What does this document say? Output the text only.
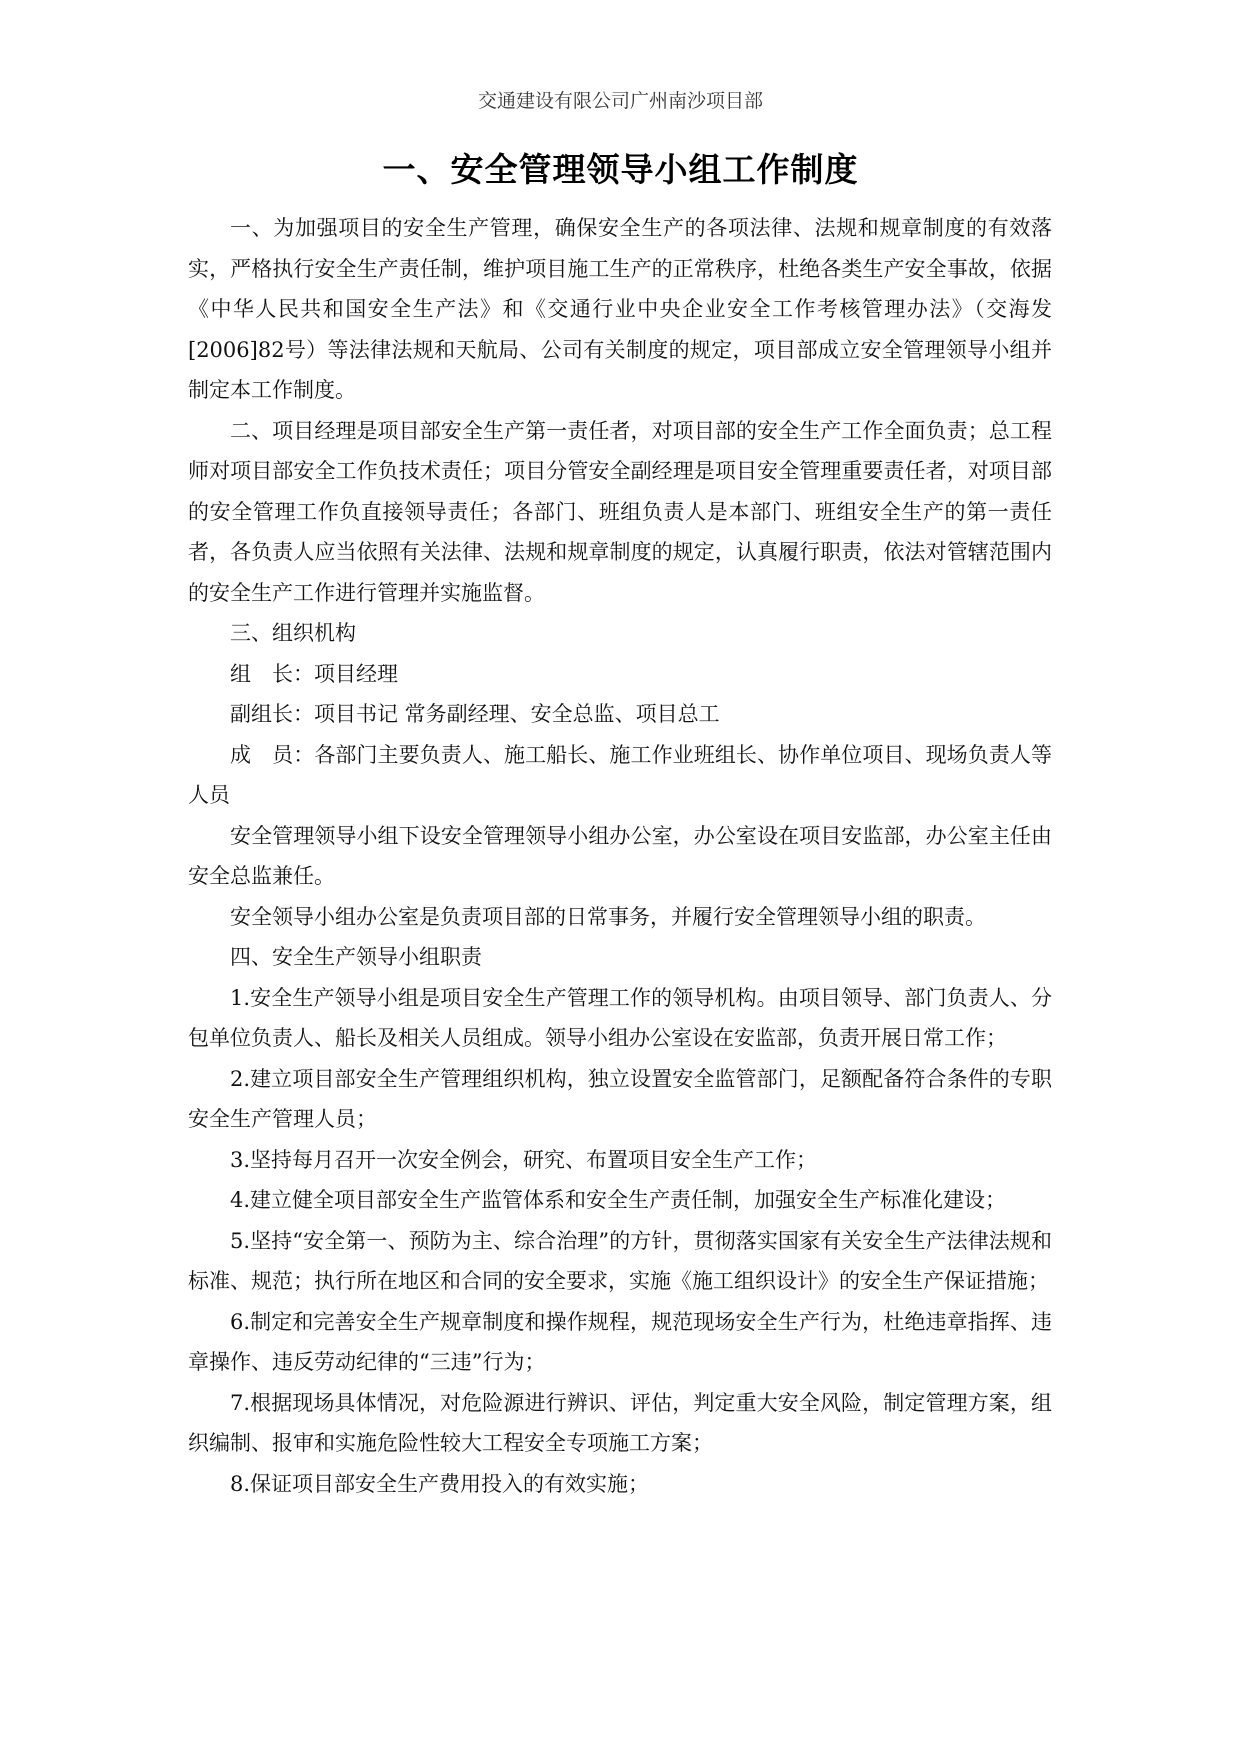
交通建设有限公司广州南沙项目部
一、安全管理领导小组工作制度

一、为加强项目的安全生产管理，确保安全生产的各项法律、法规和规章制度的有效落实，严格执行安全生产责任制，维护项目施工生产的正常秩序，杜绝各类生产安全事故，依据《中华人民共和国安全生产法》和《交通行业中央企业安全工作考核管理办法》（交海发[2006]82号）等法律法规和天航局、公司有关制度的规定，项目部成立安全管理领导小组并制定本工作制度。

二、项目经理是项目部安全生产第一责任者，对项目部的安全生产工作全面负责；总工程师对项目部安全工作负技术责任；项目分管安全副经理是项目安全管理重要责任者，对项目部的安全管理工作负直接领导责任；各部门、班组负责人是本部门、班组安全生产的第一责任者，各负责人应当依照有关法律、法规和规章制度的规定，认真履行职责，依法对管辖范围内的安全生产工作进行管理并实施监督。

三、组织机构

组　长：项目经理

副组长：项目书记 常务副经理、安全总监、项目总工

成　员：各部门主要负责人、施工船长、施工作业班组长、协作单位项目、现场负责人等人员

安全管理领导小组下设安全管理领导小组办公室，办公室设在项目安监部，办公室主任由安全总监兼任。

安全领导小组办公室是负责项目部的日常事务，并履行安全管理领导小组的职责。

四、安全生产领导小组职责

1.安全生产领导小组是项目安全生产管理工作的领导机构。由项目领导、部门负责人、分包单位负责人、船长及相关人员组成。领导小组办公室设在安监部，负责开展日常工作；

2.建立项目部安全生产管理组织机构，独立设置安全监管部门，足额配备符合条件的专职安全生产管理人员；

3.坚持每月召开一次安全例会，研究、布置项目安全生产工作；

4.建立健全项目部安全生产监管体系和安全生产责任制，加强安全生产标准化建设；

5.坚持“安全第一、预防为主、综合治理”的方针，贯彻落实国家有关安全生产法律法规和标准、规范；执行所在地区和合同的安全要求，实施《施工组织设计》的安全生产保证措施；

6.制定和完善安全生产规章制度和操作规程，规范现场安全生产行为，杜绝违章指挥、违章操作、违反劳动纪律的“三违”行为；

7.根据现场具体情况，对危险源进行辨识、评估，判定重大安全风险，制定管理方案，组织编制、报审和实施危险性较大工程安全专项施工方案；

8.保证项目部安全生产费用投入的有效实施；
